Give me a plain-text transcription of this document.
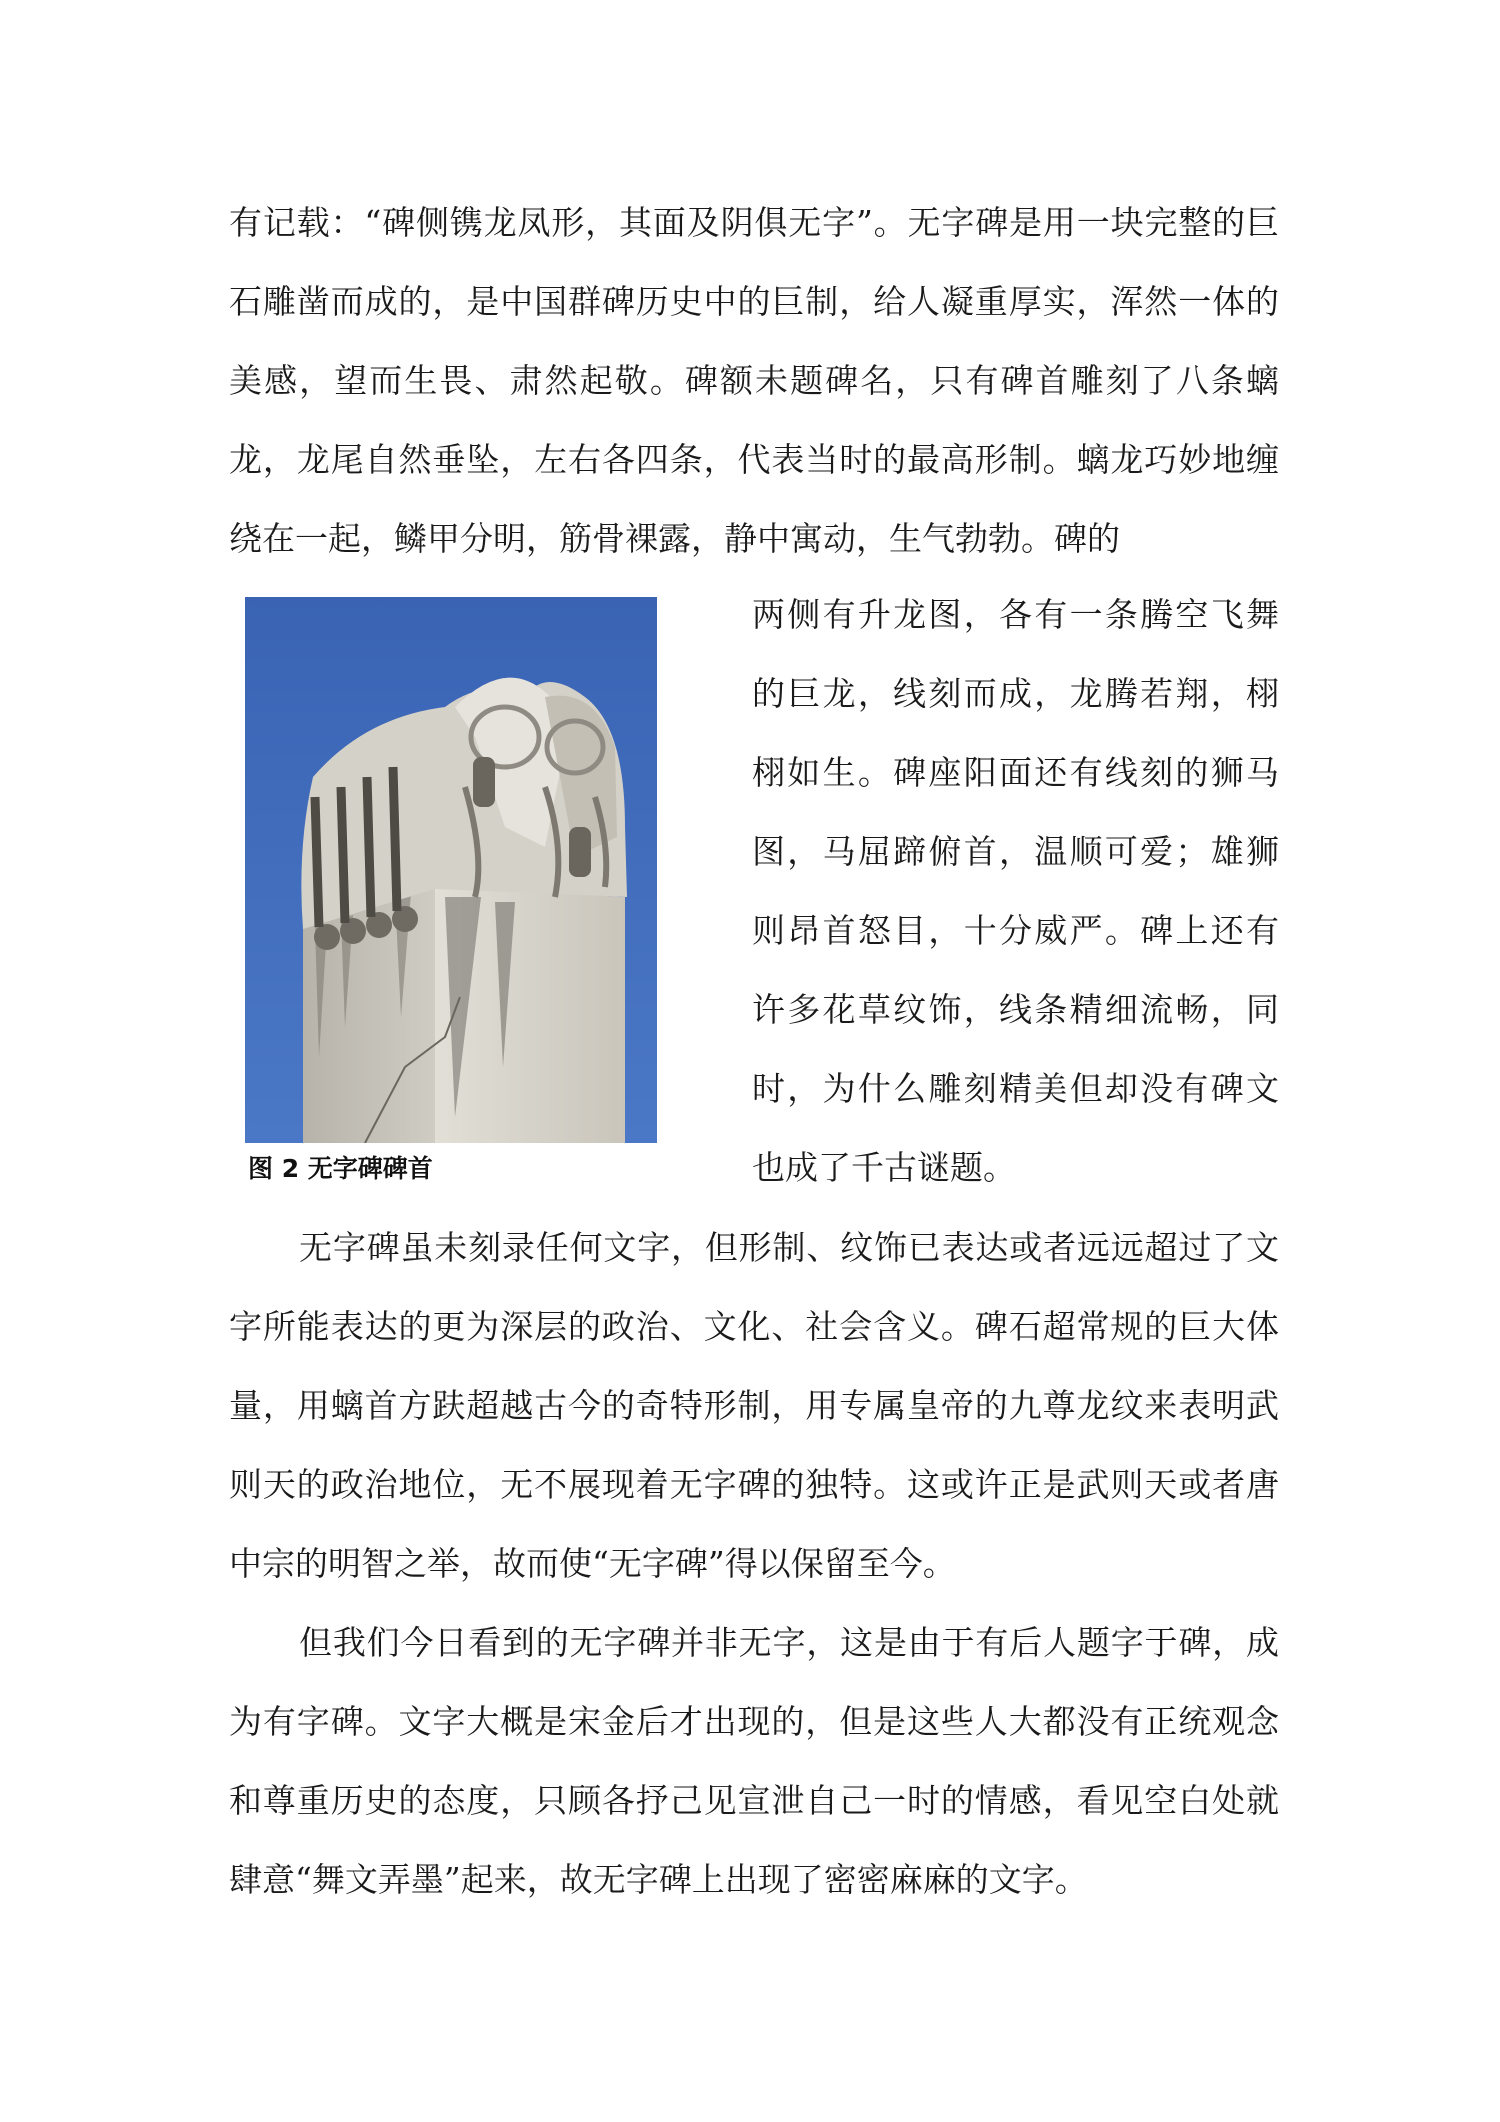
有记载：“碑侧镌龙凤形，其面及阴俱无字”。无字碑是用一块完整的巨石雕凿而成的，是中国群碑历史中的巨制，给人凝重厚实，浑然一体的美感，望而生畏、肃然起敬。碑额未题碑名，只有碑首雕刻了八条螭龙，龙尾自然垂坠，左右各四条，代表当时的最高形制。螭龙巧妙地缠绕在一起，鳞甲分明，筋骨裸露，静中寓动，生气勃勃。碑的

图 2 无字碑碑首

两侧有升龙图，各有一条腾空飞舞的巨龙，线刻而成，龙腾若翔，栩栩如生。碑座阳面还有线刻的狮马图，马屈蹄俯首，温顺可爱；雄狮则昂首怒目，十分威严。碑上还有许多花草纹饰，线条精细流畅，同时，为什么雕刻精美但却没有碑文也成了千古谜题。

无字碑虽未刻录任何文字，但形制、纹饰已表达或者远远超过了文字所能表达的更为深层的政治、文化、社会含义。碑石超常规的巨大体量，用螭首方趺超越古今的奇特形制，用专属皇帝的九尊龙纹来表明武则天的政治地位，无不展现着无字碑的独特。这或许正是武则天或者唐中宗的明智之举，故而使“无字碑”得以保留至今。

但我们今日看到的无字碑并非无字，这是由于有后人题字于碑，成为有字碑。文字大概是宋金后才出现的，但是这些人大都没有正统观念和尊重历史的态度，只顾各抒己见宣泄自己一时的情感，看见空白处就肆意“舞文弄墨”起来，故无字碑上出现了密密麻麻的文字。
